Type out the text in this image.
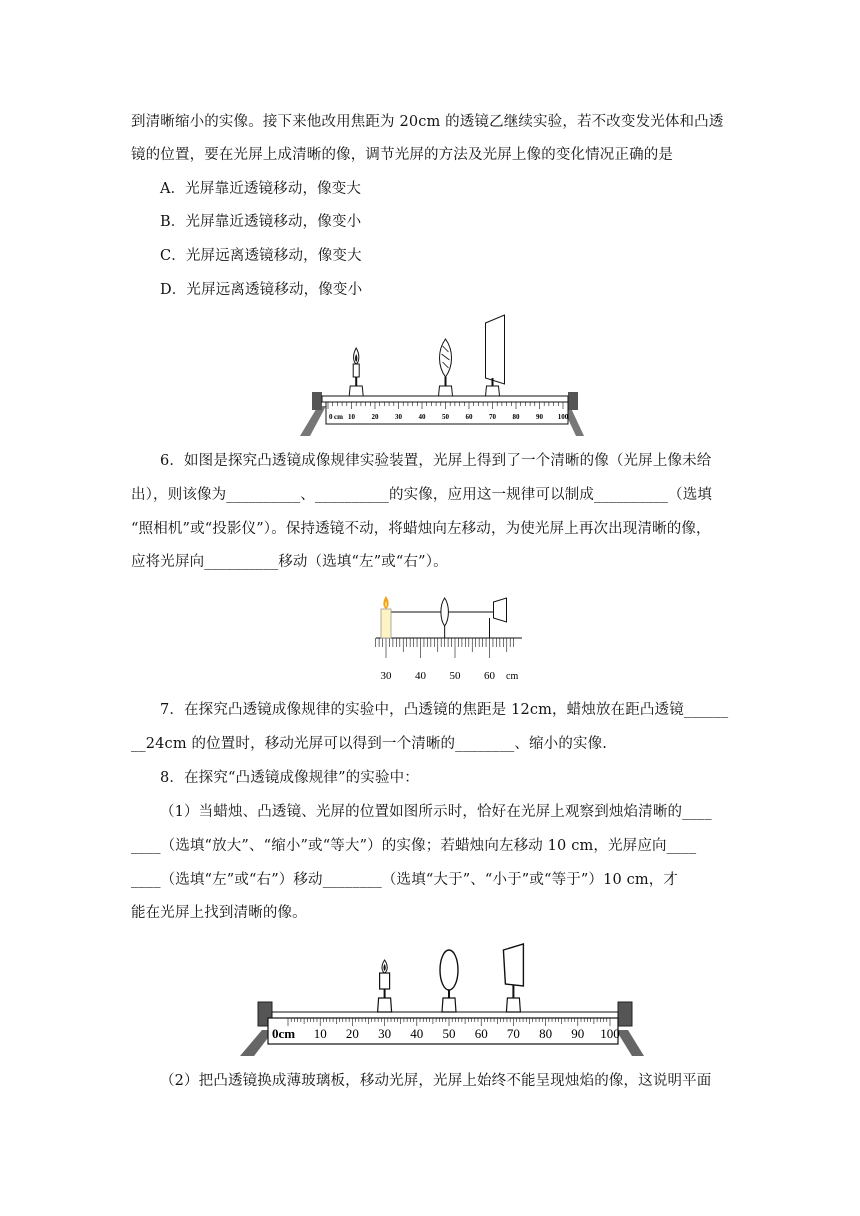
到清晰缩小的实像。接下来他改用焦距为 20cm 的透镜乙继续实验，若不改变发光体和凸透
镜的位置，要在光屏上成清晰的像，调节光屏的方法及光屏上像的变化情况正确的是
A．光屏靠近透镜移动，像变大
B．光屏靠近透镜移动，像变小
C．光屏远离透镜移动，像变大
D．光屏远离透镜移动，像变小
0 10 20 30 40 50 60 70 80 90 100
cm
6．如图是探究凸透镜成像规律实验装置，光屏上得到了一个清晰的像（光屏上像未给
出），则该像为__________、__________的实像，应用这一规律可以制成__________（选填
“照相机”或“投影仪”）。保持透镜不动，将蜡烛向左移动，为使光屏上再次出现清晰的像，
应将光屏向__________移动（选填“左”或“右”）。
30 40 50 60 cm
7．在探究凸透镜成像规律的实验中，凸透镜的焦距是 12cm，蜡烛放在距凸透镜______
__24cm 的位置时，移动光屏可以得到一个清晰的________、缩小的实像.
8．在探究“凸透镜成像规律”的实验中：
（1）当蜡烛、凸透镜、光屏的位置如图所示时，恰好在光屏上观察到烛焰清晰的____
____（选填“放大”、“缩小”或“等大”）的实像；若蜡烛向左移动 10 cm，光屏应向____
____（选填“左”或“右”）移动________（选填“大于”、“小于”或“等于”）10 cm，才
能在光屏上找到清晰的像。
0cm 10 20 30 40 50 60 70 80 90 100
（2）把凸透镜换成薄玻璃板，移动光屏，光屏上始终不能呈现烛焰的像，这说明平面
